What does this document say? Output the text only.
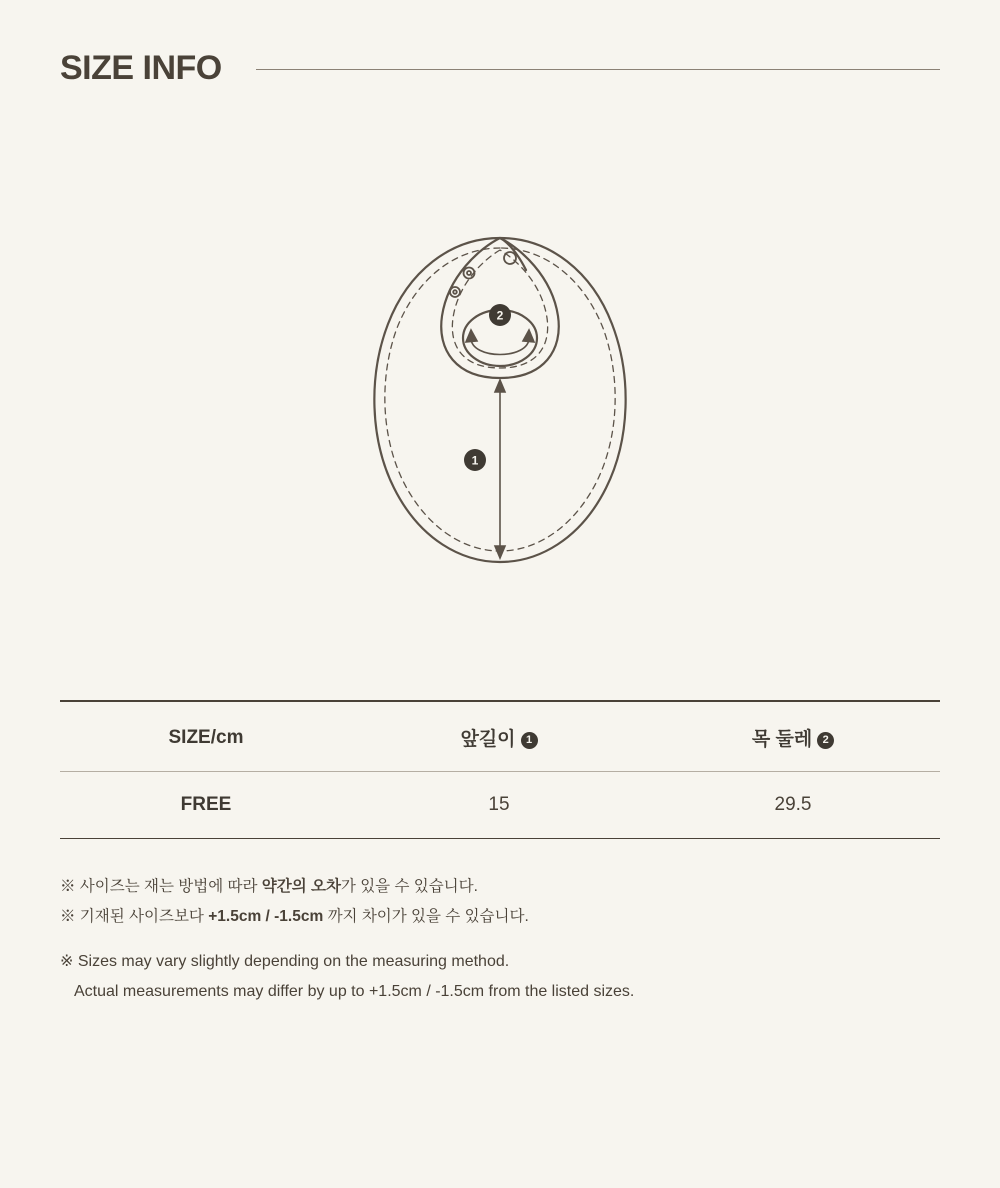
SIZE INFO
1
2
SIZE/cm	앞길이 1	목 둘레 2
FREE	15	29.5
※ 사이즈는 재는 방법에 따라 약간의 오차가 있을 수 있습니다.
※ 기재된 사이즈보다 +1.5cm / -1.5cm 까지 차이가 있을 수 있습니다.
※ Sizes may vary slightly depending on the measuring method.
Actual measurements may differ by up to +1.5cm / -1.5cm from the listed sizes.
